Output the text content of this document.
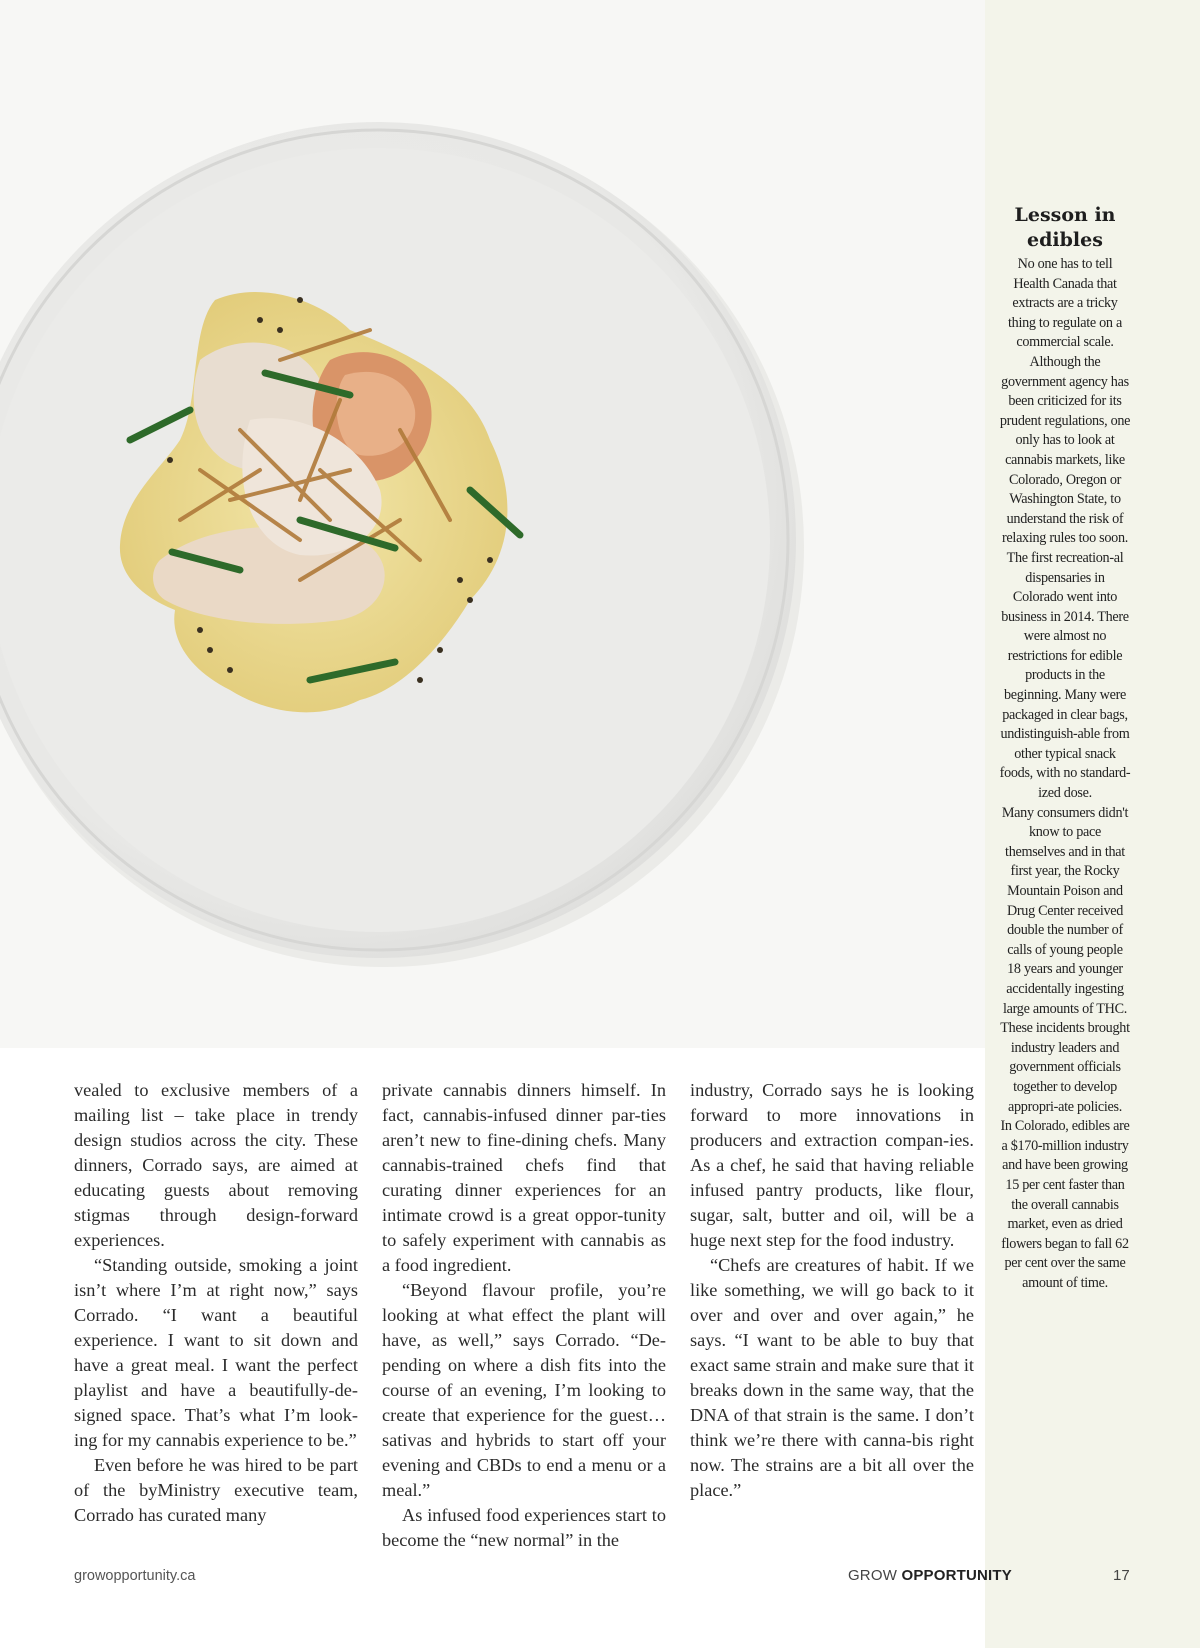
Lesson in edibles

No one has to tell Health Canada that extracts are a tricky thing to regulate on a commercial scale. Although the government agency has been criticized for its prudent regulations, one only has to look at cannabis markets, like Colorado, Oregon or Washington State, to understand the risk of relaxing rules too soon.

The first recreation-al dispensaries in Colorado went into business in 2014. There were almost no restrictions for edible products in the beginning. Many were packaged in clear bags, undistinguish-able from other typical snack foods, with no standard-ized dose.

Many consumers didn't know to pace themselves and in that first year, the Rocky Mountain Poison and Drug Center received double the number of calls of young people 18 years and younger accidentally ingesting large amounts of THC. These incidents brought industry leaders and government officials together to develop appropri-ate policies.

In Colorado, edibles are a $170-million industry and have been growing 15 per cent faster than the overall cannabis market, even as dried flowers began to fall 62 per cent over the same amount of time.

vealed to exclusive members of a mailing list – take place in trendy design studios across the city. These dinners, Corrado says, are aimed at educating guests about removing stigmas through design-forward experiences.

“Standing outside, smoking a joint isn’t where I’m at right now,” says Corrado. “I want a beautiful experience. I want to sit down and have a great meal. I want the perfect playlist and have a beautifully-de-signed space. That’s what I’m look-ing for my cannabis experience to be.”

Even before he was hired to be part of the byMinistry executive team, Corrado has curated many

private cannabis dinners himself. In fact, cannabis-infused dinner par-ties aren’t new to fine-dining chefs. Many cannabis-trained chefs find that curating dinner experiences for an intimate crowd is a great oppor-tunity to safely experiment with cannabis as a food ingredient.

“Beyond flavour profile, you’re looking at what effect the plant will have, as well,” says Corrado. “De-pending on where a dish fits into the course of an evening, I’m looking to create that experience for the guest… sativas and hybrids to start off your evening and CBDs to end a menu or a meal.”

As infused food experiences start to become the “new normal” in the

industry, Corrado says he is looking forward to more innovations in producers and extraction compan-ies. As a chef, he said that having reliable infused pantry products, like flour, sugar, salt, butter and oil, will be a huge next step for the food industry.

“Chefs are creatures of habit. If we like something, we will go back to it over and over and over again,” he says. “I want to be able to buy that exact same strain and make sure that it breaks down in the same way, that the DNA of that strain is the same. I don’t think we’re there with canna-bis right now. The strains are a bit all over the place.”

growopportunity.ca	GROW OPPORTUNITY	17
